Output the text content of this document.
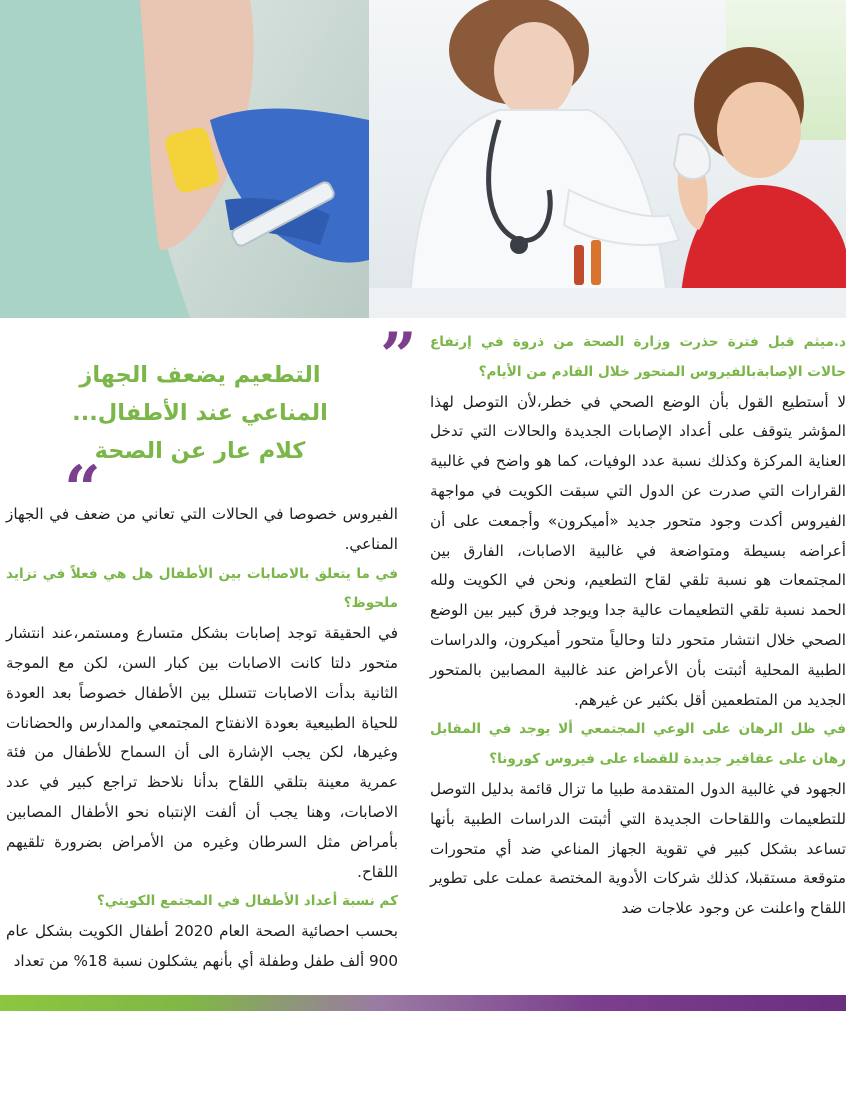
”
التطعيم يضعف الجهاز
المناعي عند الأطفال...
كلام عار عن الصحة
“

د.ميثم قبل فترة حذرت وزارة الصحة من ذروة في إرتفاع حالات الإصابةبالفيروس المتحور خلال القادم من الأيام؟

لا أستطيع القول بأن الوضع الصحي في خطر،لأن التوصل لهذا المؤشر يتوقف على أعداد الإصابات الجديدة والحالات التي تدخل العناية المركزة وكذلك نسبة عدد الوفيات، كما هو واضح في غالبية القرارات التي صدرت عن الدول التي سبقت الكويت في مواجهة الفيروس أكدت وجود متحور جديد «أميكرون» وأجمعت على أن أعراضه بسيطة ومتواضعة في غالبية الاصابات، الفارق بين المجتمعات هو نسبة تلقي لقاح التطعيم، ونحن في الكويت ولله الحمد نسبة تلقي التطعيمات عالية جدا ويوجد فرق كبير بين الوضع الصحي خلال انتشار متحور دلتا وحالياً متحور أميكرون، والدراسات الطبية المحلية أثبتت بأن الأعراض عند غالبية المصابين بالمتحور الجديد من المتطعمين أقل بكثير عن غيرهم.

في ظل الرهان على الوعي المجتمعي ألا يوجد في المقابل رهان على عقاقير جديدة للقضاء على فيروس كورونا؟

الجهود في غالبية الدول المتقدمة طبيا ما تزال قائمة بدليل التوصل للتطعيمات واللقاحات الجديدة التي أثبتت الدراسات الطبية بأنها تساعد بشكل كبير في تقوية الجهاز المناعي ضد أي متحورات متوقعة مستقبلا، كذلك شركات الأدوية المختصة عملت على تطوير اللقاح واعلنت عن وجود علاجات ضد

الفيروس خصوصا في الحالات التي تعاني من ضعف في الجهاز المناعي.

في ما يتعلق بالاصابات بين الأطفال هل هي فعلاً في تزايد ملحوظ؟

في الحقيقة توجد إصابات بشكل متسارع ومستمر،عند انتشار متحور دلتا كانت الاصابات بين كبار السن، لكن مع الموجة الثانية بدأت الاصابات تتسلل بين الأطفال خصوصاً بعد العودة للحياة الطبيعية بعودة الانفتاح المجتمعي والمدارس والحضانات وغيرها، لكن يجب الإشارة الى أن السماح للأطفال من فئة عمرية معينة بتلقي اللقاح بدأنا نلاحظ تراجع كبير في عدد الاصابات، وهنا يجب أن ألفت الإنتباه نحو الأطفال المصابين بأمراض مثل السرطان وغيره من الأمراض بضرورة تلقيهم اللقاح.

كم نسبة أعداد الأطفال في المجتمع الكويتي؟

بحسب احصائية الصحة العام 2020 أطفال الكويت بشكل عام 900 ألف طفل وطفلة أي بأنهم يشكلون نسبة 18% من تعداد
